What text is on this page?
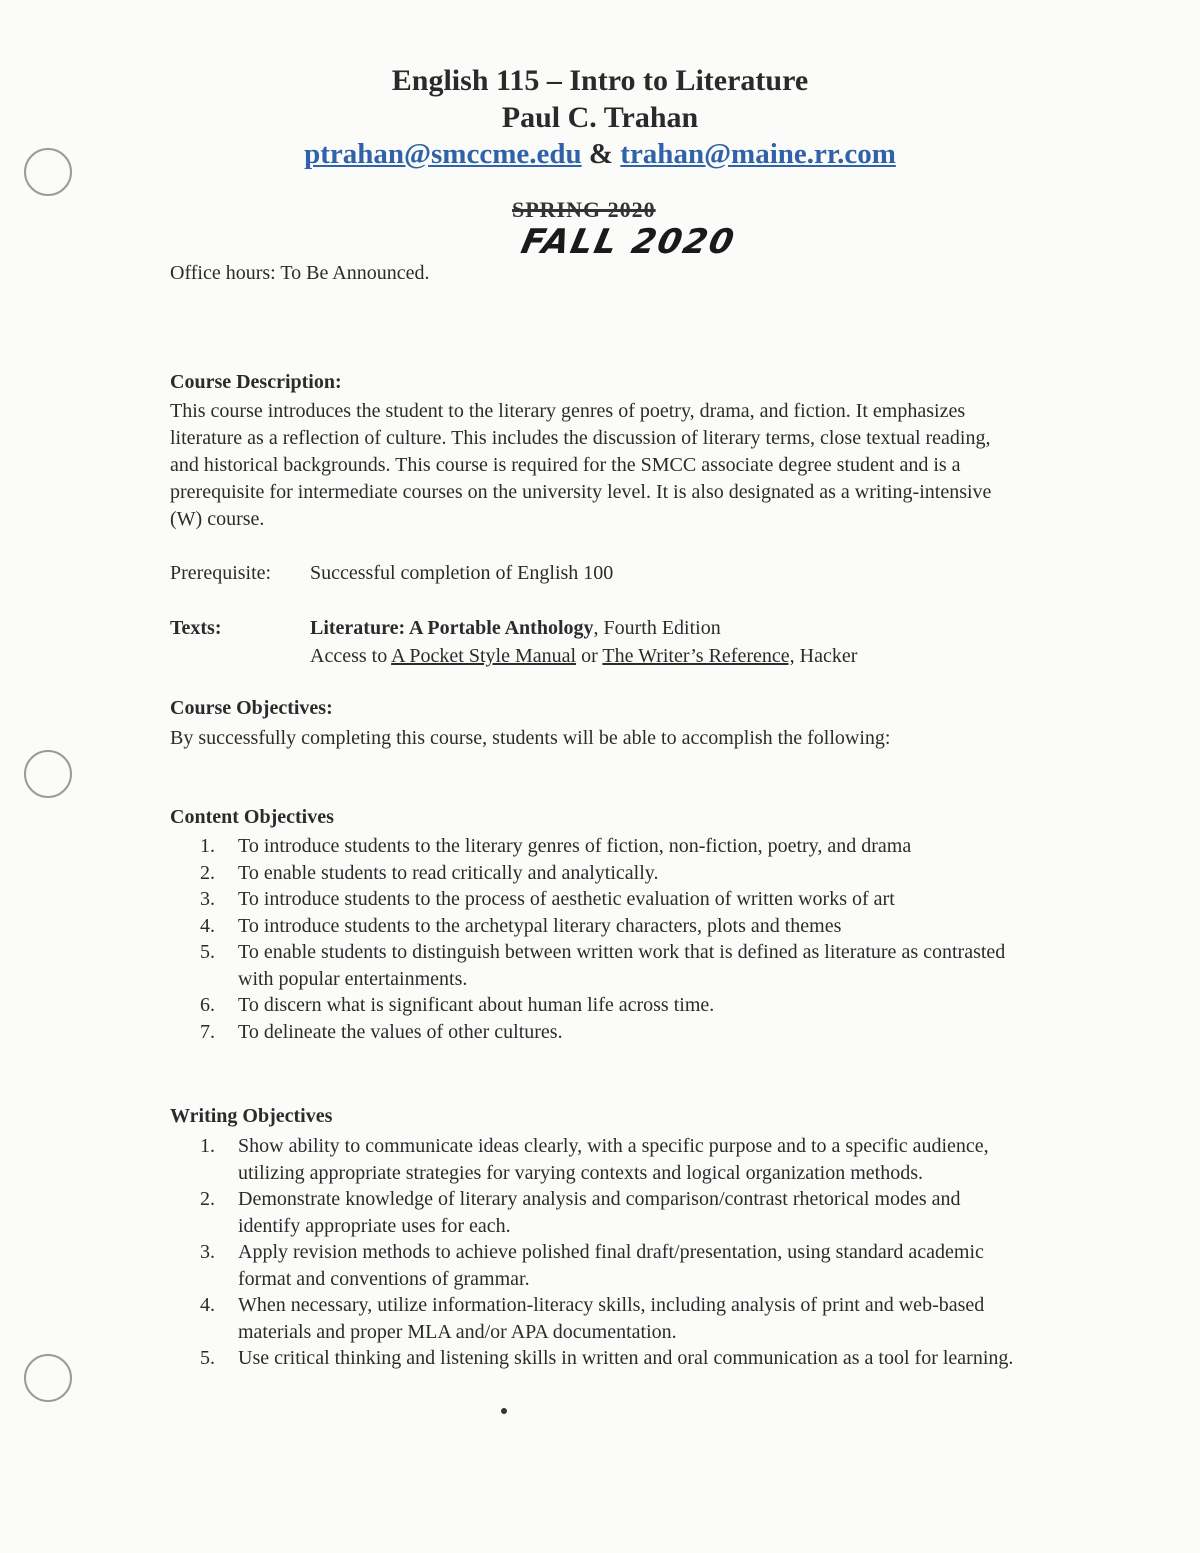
English 115 – Intro to Literature
Paul C. Trahan
ptrahan@smccme.edu & trahan@maine.rr.com
SPRING 2020
FALL 2020
Office hours: To Be Announced.
Course Description:
This course introduces the student to the literary genres of poetry, drama, and fiction. It emphasizes literature as a reflection of culture. This includes the discussion of literary terms, close textual reading, and historical backgrounds. This course is required for the SMCC associate degree student and is a prerequisite for intermediate courses on the university level. It is also designated as a writing-intensive (W) course.
Prerequisite: Successful completion of English 100
Texts:	Literature: A Portable Anthology, Fourth Edition
Access to A Pocket Style Manual or The Writer’s Reference, Hacker
Course Objectives:
By successfully completing this course, students will be able to accomplish the following:
Content Objectives
1. To introduce students to the literary genres of fiction, non-fiction, poetry, and drama
2. To enable students to read critically and analytically.
3. To introduce students to the process of aesthetic evaluation of written works of art
4. To introduce students to the archetypal literary characters, plots and themes
5. To enable students to distinguish between written work that is defined as literature as contrasted with popular entertainments.
6. To discern what is significant about human life across time.
7. To delineate the values of other cultures.
Writing Objectives
1. Show ability to communicate ideas clearly, with a specific purpose and to a specific audience, utilizing appropriate strategies for varying contexts and logical organization methods.
2. Demonstrate knowledge of literary analysis and comparison/contrast rhetorical modes and identify appropriate uses for each.
3. Apply revision methods to achieve polished final draft/presentation, using standard academic format and conventions of grammar.
4. When necessary, utilize information-literacy skills, including analysis of print and web-based materials and proper MLA and/or APA documentation.
5. Use critical thinking and listening skills in written and oral communication as a tool for learning.
